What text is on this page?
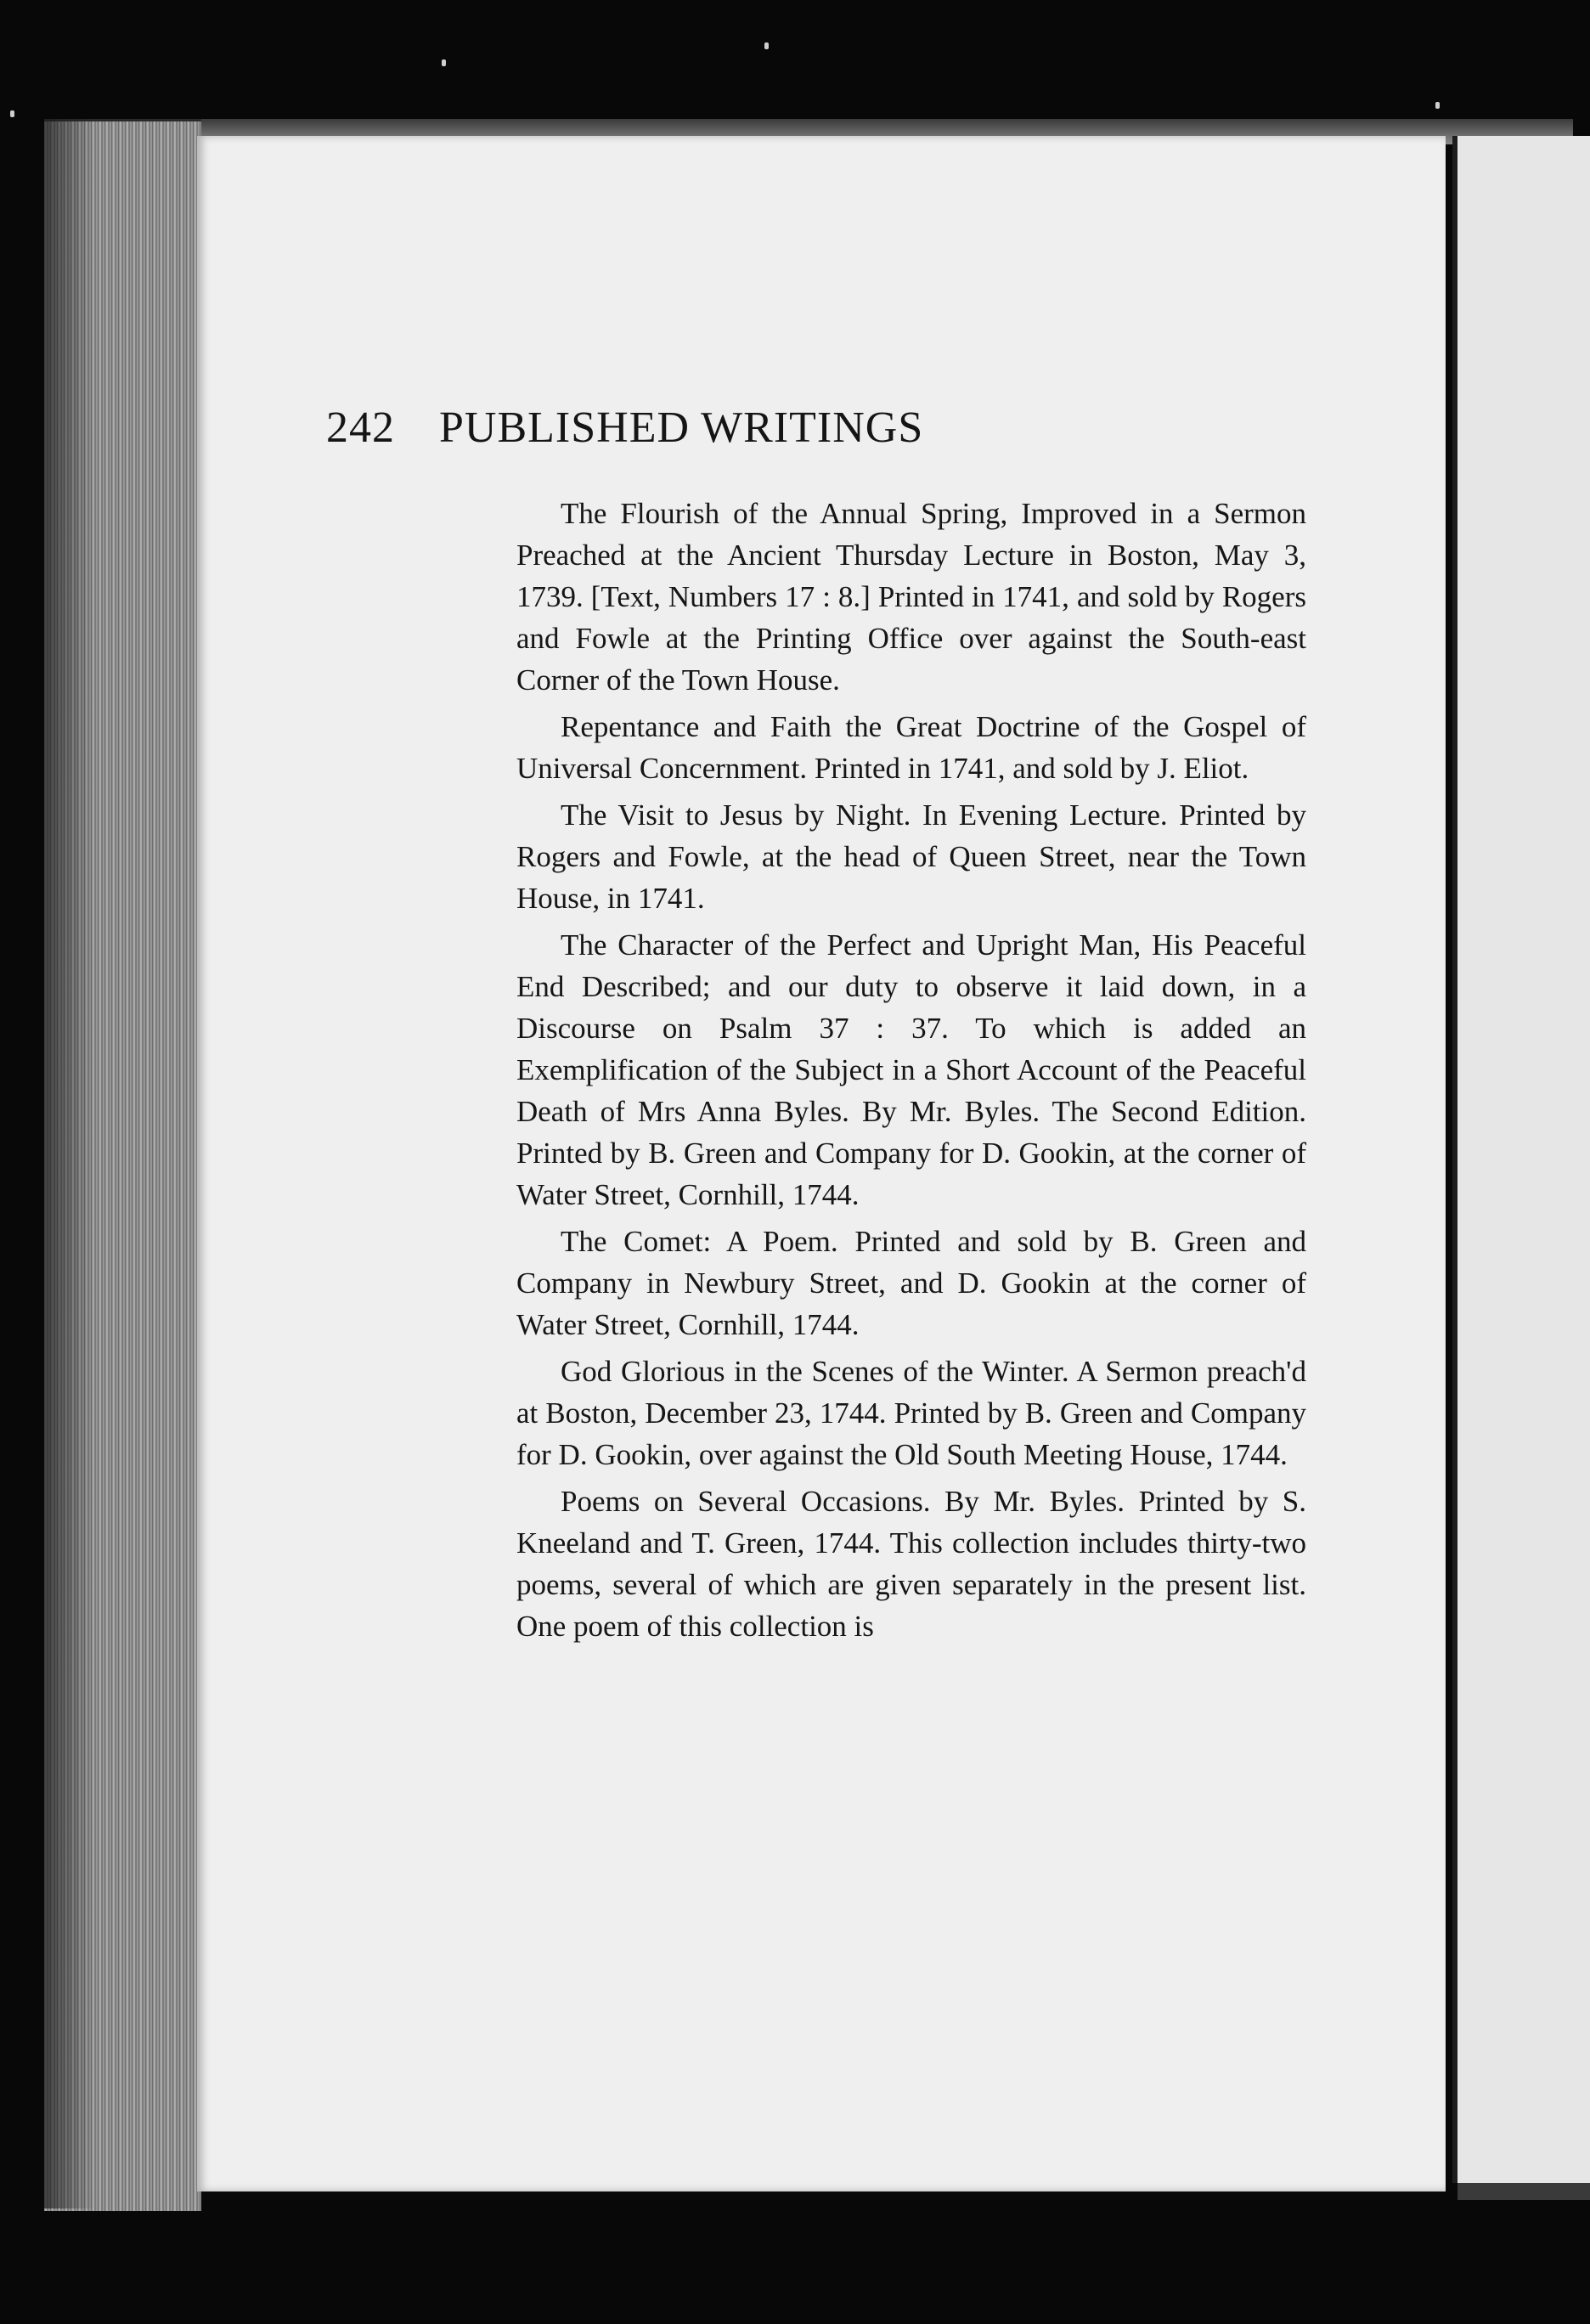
242 PUBLISHED WRITINGS

The Flourish of the Annual Spring, Improved in a Sermon Preached at the Ancient Thursday Lecture in Boston, May 3, 1739. [Text, Numbers 17 : 8.] Printed in 1741, and sold by Rogers and Fowle at the Printing Office over against the South-east Corner of the Town House.

Repentance and Faith the Great Doctrine of the Gospel of Universal Concernment. Printed in 1741, and sold by J. Eliot.

The Visit to Jesus by Night. In Evening Lecture. Printed by Rogers and Fowle, at the head of Queen Street, near the Town House, in 1741.

The Character of the Perfect and Upright Man, His Peaceful End Described; and our duty to observe it laid down, in a Discourse on Psalm 37 : 37. To which is added an Exemplification of the Subject in a Short Account of the Peaceful Death of Mrs Anna Byles. By Mr. Byles. The Second Edition. Printed by B. Green and Company for D. Gookin, at the corner of Water Street, Cornhill, 1744.

The Comet: A Poem. Printed and sold by B. Green and Company in Newbury Street, and D. Gookin at the corner of Water Street, Cornhill, 1744.

God Glorious in the Scenes of the Winter. A Sermon preach'd at Boston, December 23, 1744. Printed by B. Green and Company for D. Gookin, over against the Old South Meeting House, 1744.

Poems on Several Occasions. By Mr. Byles. Printed by S. Kneeland and T. Green, 1744. This collection includes thirty-two poems, several of which are given separately in the present list. One poem of this collection is
